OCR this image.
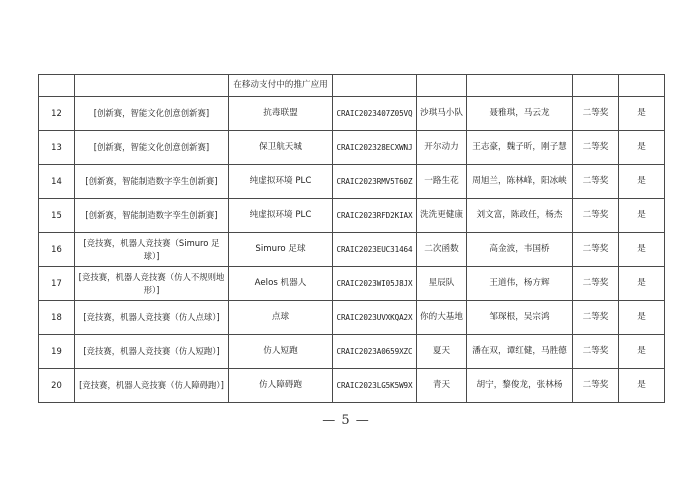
		在移动支付中的推广应用					
12	[创新赛，智能文化创意创新赛]	抗毒联盟	CRAIC2023407Z05VQ	沙琪马小队	聂雅琪，马云龙	二等奖	是
13	[创新赛，智能文化创意创新赛]	保卫航天城	CRAIC202328ECXWNJ	开尔动力	王志豪，魏子昕，刚子慧	二等奖	是
14	[创新赛，智能制造数字孪生创新赛]	纯虚拟环境 PLC	CRAIC2023RMV5T60Z	一路生花	周旭兰，陈林峰，阳冰峡	二等奖	是
15	[创新赛，智能制造数字孪生创新赛]	纯虚拟环境 PLC	CRAIC2023RFD2KIAX	洗洗更健康	刘文富，陈政任，杨杰	二等奖	是
16	[竞技赛，机器人竞技赛（Simuro 足球）]	Simuro 足球	CRAIC2023EUC31464	二次函数	高金波，韦国桥	二等奖	是
17	[竞技赛，机器人竞技赛（仿人不规则地形）]	Aelos 机器人	CRAIC2023WI05J8JX	星辰队	王道伟，杨方辉	二等奖	是
18	[竞技赛，机器人竞技赛（仿人点球）]	点球	CRAIC2023UVXKQA2X	你的大基地	邹琛根，吴宗鸿	二等奖	是
19	[竞技赛，机器人竞技赛（仿人短跑）]	仿人短跑	CRAIC2023A0659XZC	夏天	潘在双，谭红健，马胜德	二等奖	是
20	[竞技赛，机器人竞技赛（仿人障碍跑）]	仿人障碍跑	CRAIC2023LG5K5W9X	青天	胡宁，黎俊龙，张林杨	二等奖	是
— 5 —
